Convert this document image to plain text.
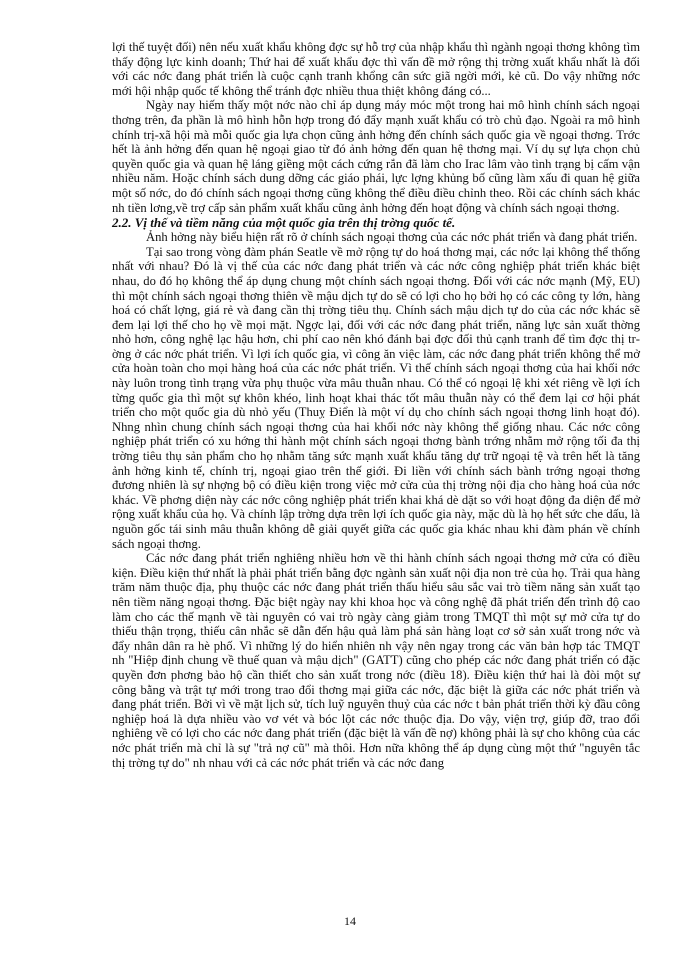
lợi thế tuyệt đối) nên nếu xuất khẩu không đợc sự hỗ trợ của nhập khẩu thì ngành ngoại thơng không tìm thấy động lực kinh doanh; Thứ hai để xuất khẩu đợc thì vấn đề mở rộng thị trờng xuất khẩu nhất là đối với các nớc đang phát triển là cuộc cạnh tranh khổng cân sức giã ngời mới, kẻ cũ. Do vậy những nớc mới hội nhập quốc tế không thể tránh đợc nhiều thua thiệt không đáng có...

Ngày nay hiếm thấy một nớc nào chỉ áp dụng máy móc một trong hai mô hình chính sách ngoại thơng trên, đa phần là mô hình hỗn hợp trong đó đẩy mạnh xuất khẩu có trò chủ đạo. Ngoài ra mô hình chính trị-xã hội mà mỗi quốc gia lựa chọn cũng ảnh hởng đến chính sách quốc gia về ngoại thơng. Trớc hết là ảnh hởng đến quan hệ ngoại giao từ đó ảnh hởng đến quan hệ thơng mại. Ví dụ sự lựa chọn chủ quyền quốc gia và quan hệ láng giềng một cách cứng rắn đã làm cho Irac lâm vào tình trạng bị cấm vận nhiều năm. Hoặc chính sách dung dỡng các giáo phái, lực lợng khủng bố cũng làm xấu đi quan hệ giữa một số nớc, do đó chính sách ngoại thơng cũng không thể điều điều chỉnh theo. Rồi các chính sách khác nh tiền lơng,về trợ cấp sản phẩm xuất khẩu cũng ảnh hởng đến hoạt động và chính sách ngoại thơng.

2.2. Vị thế và tiềm năng của một quốc gia trên thị trờng quốc tế.

Ảnh hởng này biểu hiện rất rõ ở chính sách ngoại thơng của các nớc phát triển và đang phát triển.

Tại sao trong vòng đàm phán Seatle về mở rộng tự do hoá thơng mại, các nớc lại không thể thống nhất với nhau? Đó là vị thế của các nớc đang phát triển và các nớc công nghiệp phát triển khác biệt nhau, do đó họ không thể áp dụng chung một chính sách ngoại thơng. Đối với các nớc mạnh (Mỹ, EU) thì một chính sách ngoại thơng thiên về mậu dịch tự do sẽ có lợi cho họ bởi họ có các công ty lớn, hàng hoá có chất lợng, giá rẻ và đang cần thị trờng tiêu thụ. Chính sách mậu dịch tự do của các nớc khác sẽ đem lại lợi thế cho họ về mọi mặt. Ngợc lại, đối với các nớc đang phát triển, năng lực sản xuất thờng nhỏ hơn, công nghệ lạc hậu hơn, chi phí cao nên khó đánh bại đợc đối thủ cạnh tranh để tìm đợc thị trờng ở các nớc phát triển. Vì lợi ích quốc gia, vì công ăn việc làm, các nớc đang phát triển không thể mở cửa hoàn toàn cho mọi hàng hoá của các nớc phát triển. Vì thế chính sách ngoại thơng của hai khối nớc này luôn trong tình trạng vừa phụ thuộc vừa mâu thuẫn nhau. Có thể có ngoại lệ khi xét riêng về lợi ích từng quốc gia thì một sự khôn khéo, linh hoạt khai thác tốt mâu thuẫn này có thể đem lại cơ hội phát triển cho một quốc gia dù nhỏ yếu (Thuỵ Điển là một ví dụ cho chính sách ngoại thơng linh hoạt đó). Nhng nhìn chung chính sách ngoại thơng của hai khối nớc này không thể giống nhau. Các nớc công nghiệp phát triển có xu hớng thi hành một chính sách ngoại thơng bành trớng nhằm mở rộng tối đa thị trờng tiêu thụ sản phẩm cho họ nhằm tăng sức mạnh xuất khẩu tăng dự trữ ngoại tệ và trên hết là tăng ảnh hởng kinh tế, chính trị, ngoại giao trên thế giới. Đi liền với chính sách bành trớng ngoại thơng đương nhiên là sự nhợng bộ có điều kiện trong việc mở cửa của thị trờng nội địa cho hàng hoá của nớc khác. Về phơng diện này các nớc công nghiệp phát triển khai khá dè dặt so với hoạt động đa diện để mở rộng xuất khẩu của họ. Và chính lập trờng dựa trên lợi ích quốc gia này, mặc dù là họ hết sức che dấu, là nguồn gốc tái sinh mâu thuẫn không dễ giải quyết giữa các quốc gia khác nhau khi đàm phán về chính sách ngoại thơng.

Các nớc đang phát triển nghiêng nhiều hơn về thi hành chính sách ngoại thơng mở cửa có điều kiện. Điều kiện thứ nhất là phải phát triển bằng đợc ngành sản xuất nội địa non trẻ của họ. Trải qua hàng trăm năm thuộc địa, phụ thuộc các nớc đang phát triển thấu hiểu sâu sắc vai trò tiềm năng sản xuất tạo nên tiềm năng ngoại thơng. Đặc biệt ngày nay khi khoa học và công nghệ đã phát triển đến trình độ cao làm cho các thế mạnh về tài nguyên có vai trò ngày càng giảm trong TMQT thì một sự mở cửa tự do thiếu thận trọng, thiếu cân nhắc sẽ dẫn đến hậu quả làm phá sản hàng loạt cơ sở sản xuất trong nớc và đẩy nhân dân ra hè phố. Vì những lý do hiển nhiên nh vậy nên ngay trong các văn bản hợp tác TMQT nh "Hiệp định chung về thuế quan và mậu dịch" (GATT) cũng cho phép các nớc đang phát triển có đặc quyền đơn phơng bảo hộ cần thiết cho sản xuất trong nớc (điều 18). Điều kiện thứ hai là đòi một sự công bằng và trật tự mới trong trao đổi thơng mại giữa các nớc, đặc biệt là giữa các nớc phát triển và đang phát triển. Bởi vì về mặt lịch sử, tích luỹ nguyên thuỷ của các nớc t bản phát triển thời kỳ đầu công nghiệp hoá là dựa nhiều vào vơ vét và bóc lột các nớc thuộc địa. Do vậy, viện trợ, giúp đỡ, trao đổi nghiêng về có lợi cho các nớc đang phát triển (đặc biệt là vấn đề nợ) không phải là sự cho không của các nớc phát triển mà chỉ là sự "trả nợ cũ" mà thôi. Hơn nữa không thể áp dụng cùng một thứ "nguyên tắc thị trờng tự do" nh nhau với cả các nớc phát triển và các nớc đang

14
